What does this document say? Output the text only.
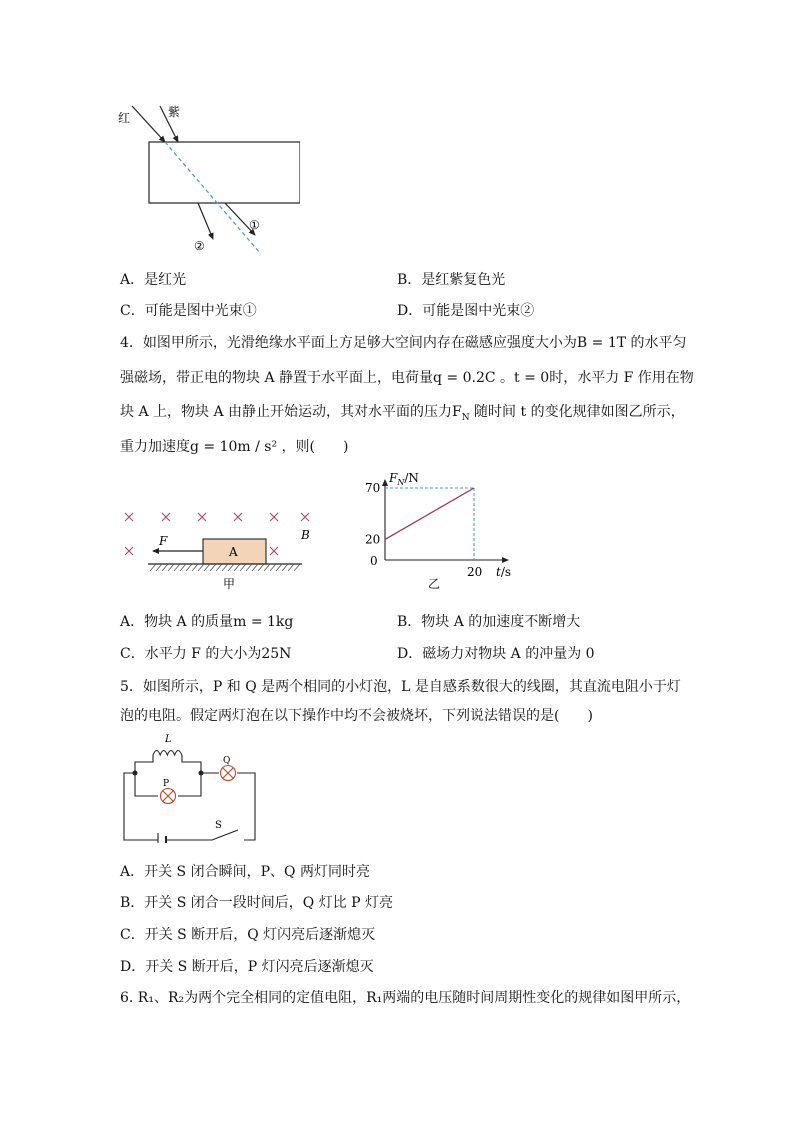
红	紫
①
②
A．是红光	B．是红紫复色光
C．可能是图中光束①	D．可能是图中光束②
4．如图甲所示，光滑绝缘水平面上方足够大空间内存在磁感应强度大小为B = 1T 的水平匀
强磁场，带正电的物块 A 静置于水平面上，电荷量q = 0.2C 。t = 0时，水平力 F 作用在物
块 A 上，物块 A 由静止开始运动，其对水平面的压力$F_N$ 随时间 t 的变化规律如图乙所示，
重力加速度g = 10m / s² ，则(　　)
A
F	B
甲
$F_N/N$
70
20
0
20 t/s
乙
A．物块 A 的质量m = 1kg	B．物块 A 的加速度不断增大
C．水平力 F 的大小为25N	D．磁场力对物块 A 的冲量为 0
5．如图所示，P 和 Q 是两个相同的小灯泡，L 是自感系数很大的线圈，其直流电阻小于灯
泡的电阻。假定两灯泡在以下操作中均不会被烧坏，下列说法错误的是(　　)
L
P
Q
S
A．开关 S 闭合瞬间，P、Q 两灯同时亮
B．开关 S 闭合一段时间后，Q 灯比 P 灯亮
C．开关 S 断开后，Q 灯闪亮后逐渐熄灭
D．开关 S 断开后，P 灯闪亮后逐渐熄灭
6. R₁、R₂为两个完全相同的定值电阻，R₁两端的电压随时间周期性变化的规律如图甲所示，
